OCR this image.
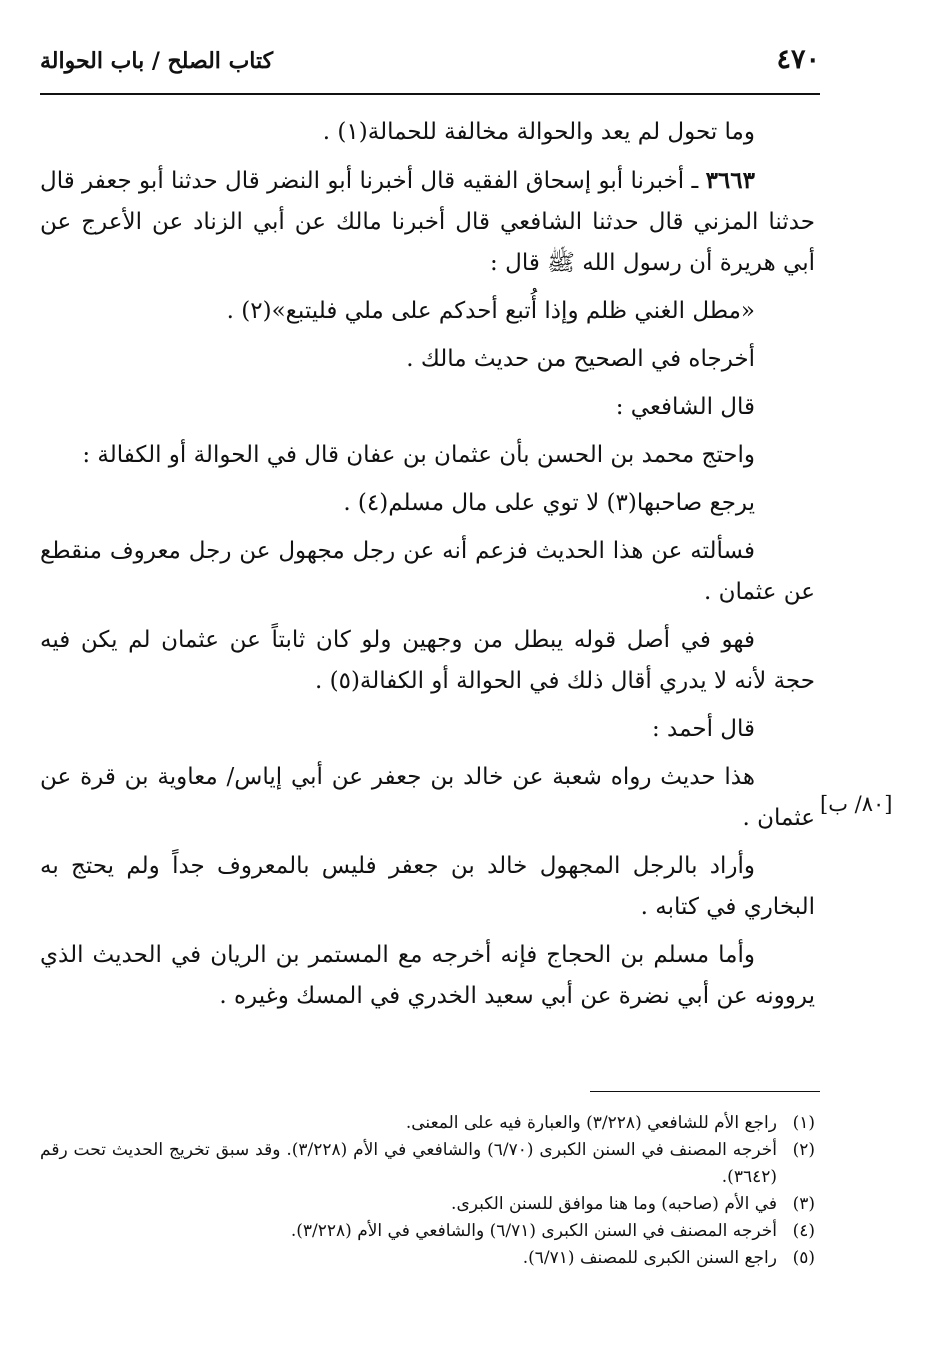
٤٧٠
كتاب الصلح / باب الحوالة
[٨٠/ ب]

وما تحول لم يعد والحوالة مخالفة للحمالة(١) .

٣٦٦٣ ـ أخبرنا أبو إسحاق الفقيه قال أخبرنا أبو النضر قال حدثنا أبو جعفر قال حدثنا المزني قال حدثنا الشافعي قال أخبرنا مالك عن أبي الزناد عن الأعرج عن أبي هريرة أن رسول الله ﷺ قال :

«مطل الغني ظلم وإذا أُتبع أحدكم على ملي فليتبع»(٢) .

أخرجاه في الصحيح من حديث مالك .

قال الشافعي :

واحتج محمد بن الحسن بأن عثمان بن عفان قال في الحوالة أو الكفالة :

يرجع صاحبها(٣) لا توي على مال مسلم(٤) .

فسألته عن هذا الحديث فزعم أنه عن رجل مجهول عن رجل معروف منقطع عن عثمان .

فهو في أصل قوله يبطل من وجهين ولو كان ثابتاً عن عثمان لم يكن فيه حجة لأنه لا يدري أقال ذلك في الحوالة أو الكفالة(٥) .

قال أحمد :

هذا حديث رواه شعبة عن خالد بن جعفر عن أبي إياس/ معاوية بن قرة عن عثمان .

وأراد بالرجل المجهول خالد بن جعفر فليس بالمعروف جداً ولم يحتج به البخاري في كتابه .

وأما مسلم بن الحجاج فإنه أخرجه مع المستمر بن الريان في الحديث الذي يروونه عن أبي نضرة عن أبي سعيد الخدري في المسك وغيره .

(١)
راجع الأم للشافعي (٣/٢٢٨) والعبارة فيه على المعنى.
(٢)
أخرجه المصنف في السنن الكبرى (٦/٧٠) والشافعي في الأم (٣/٢٢٨). وقد سبق تخريج الحديث تحت رقم (٣٦٤٢).
(٣)
في الأم (صاحبه) وما هنا موافق للسنن الكبرى.
(٤)
أخرجه المصنف في السنن الكبرى (٦/٧١) والشافعي في الأم (٣/٢٢٨).
(٥)
راجع السنن الكبرى للمصنف (٦/٧١).
